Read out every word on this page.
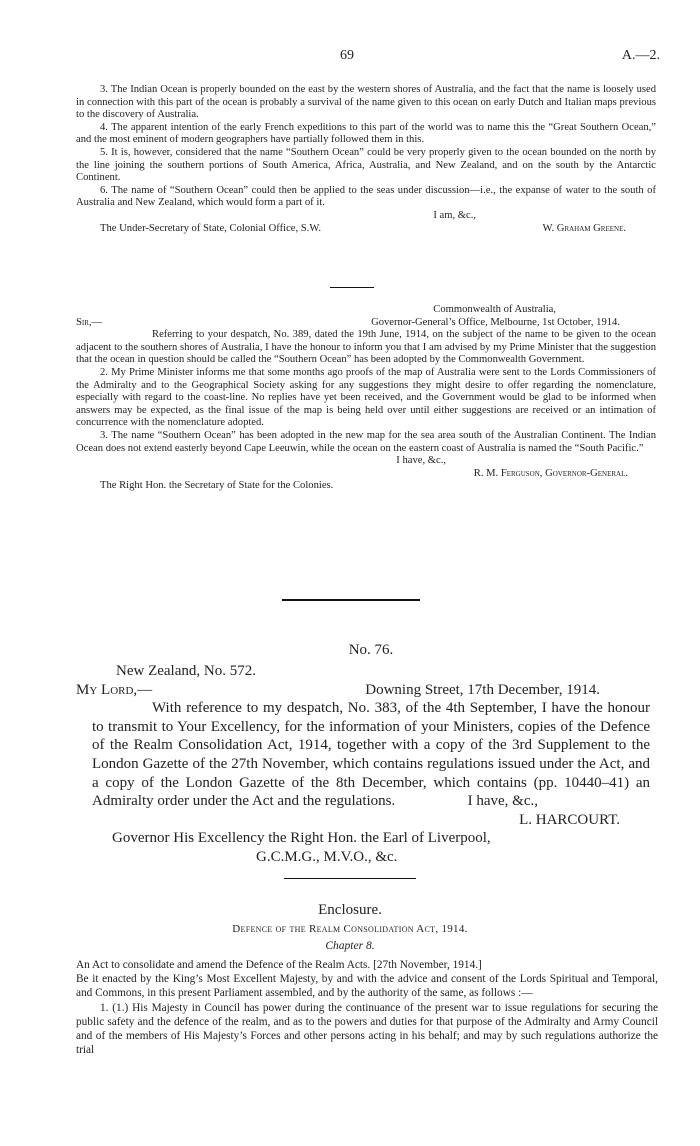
69	A.—2.

3. The Indian Ocean is properly bounded on the east by the western shores of Australia, and the fact that the name is loosely used in connection with this part of the ocean is probably a survival of the name given to this ocean on early Dutch and Italian maps previous to the discovery of Australia.

4. The apparent intention of the early French expeditions to this part of the world was to name this the “Great Southern Ocean,” and the most eminent of modern geographers have partially followed them in this.

5. It is, however, considered that the name “Southern Ocean” could be very properly given to the ocean bounded on the north by the line joining the southern portions of South America, Africa, Australia, and New Zealand, and on the south by the Antarctic Continent.

6. The name of “Southern Ocean” could then be applied to the seas under discussion—i.e., the expanse of water to the south of Australia and New Zealand, which would form a part of it.

I am, &c.,

The Under-Secretary of State, Colonial Office, S.W.	W. Graham Greene.

Commonwealth of Australia,

Sir,—	Governor-General’s Office, Melbourne, 1st October, 1914.

Referring to your despatch, No. 389, dated the 19th June, 1914, on the subject of the name to be given to the ocean adjacent to the southern shores of Australia, I have the honour to inform you that I am advised by my Prime Minister that the suggestion that the ocean in question should be called the “Southern Ocean” has been adopted by the Commonwealth Government.

2. My Prime Minister informs me that some months ago proofs of the map of Australia were sent to the Lords Commissioners of the Admiralty and to the Geographical Society asking for any suggestions they might desire to offer regarding the nomenclature, especially with regard to the coast-line. No replies have yet been received, and the Government would be glad to be informed when answers may be expected, as the final issue of the map is being held over until either suggestions are received or an intimation of concurrence with the nomenclature adopted.

3. The name “Southern Ocean” has been adopted in the new map for the sea area south of the Australian Continent. The Indian Ocean does not extend easterly beyond Cape Leeuwin, while the ocean on the eastern coast of Australia is named the “South Pacific.”

I have, &c.,

R. M. Ferguson, Governor-General.

The Right Hon. the Secretary of State for the Colonies.

No. 76.

New Zealand, No. 572.

My Lord,—	Downing Street, 17th December, 1914.

With reference to my despatch, No. 383, of the 4th September, I have the honour to transmit to Your Excellency, for the information of your Ministers, copies of the Defence of the Realm Consolidation Act, 1914, together with a copy of the 3rd Supplement to the London Gazette of the 27th November, which contains regulations issued under the Act, and a copy of the London Gazette of the 8th December, which contains (pp. 10440–41) an Admiralty order under the Act and the regulations.	I have, &c.,

L. HARCOURT.

Governor His Excellency the Right Hon. the Earl of Liverpool,

G.C.M.G., M.V.O., &c.

Enclosure.
Defence of the Realm Consolidation Act, 1914.
Chapter 8.

An Act to consolidate and amend the Defence of the Realm Acts. [27th November, 1914.]

Be it enacted by the King’s Most Excellent Majesty, by and with the advice and consent of the Lords Spiritual and Temporal, and Commons, in this present Parliament assembled, and by the authority of the same, as follows :—

1. (1.) His Majesty in Council has power during the continuance of the present war to issue regulations for securing the public safety and the defence of the realm, and as to the powers and duties for that purpose of the Admiralty and Army Council and of the members of His Majesty’s Forces and other persons acting in his behalf; and may by such regulations authorize the trial
